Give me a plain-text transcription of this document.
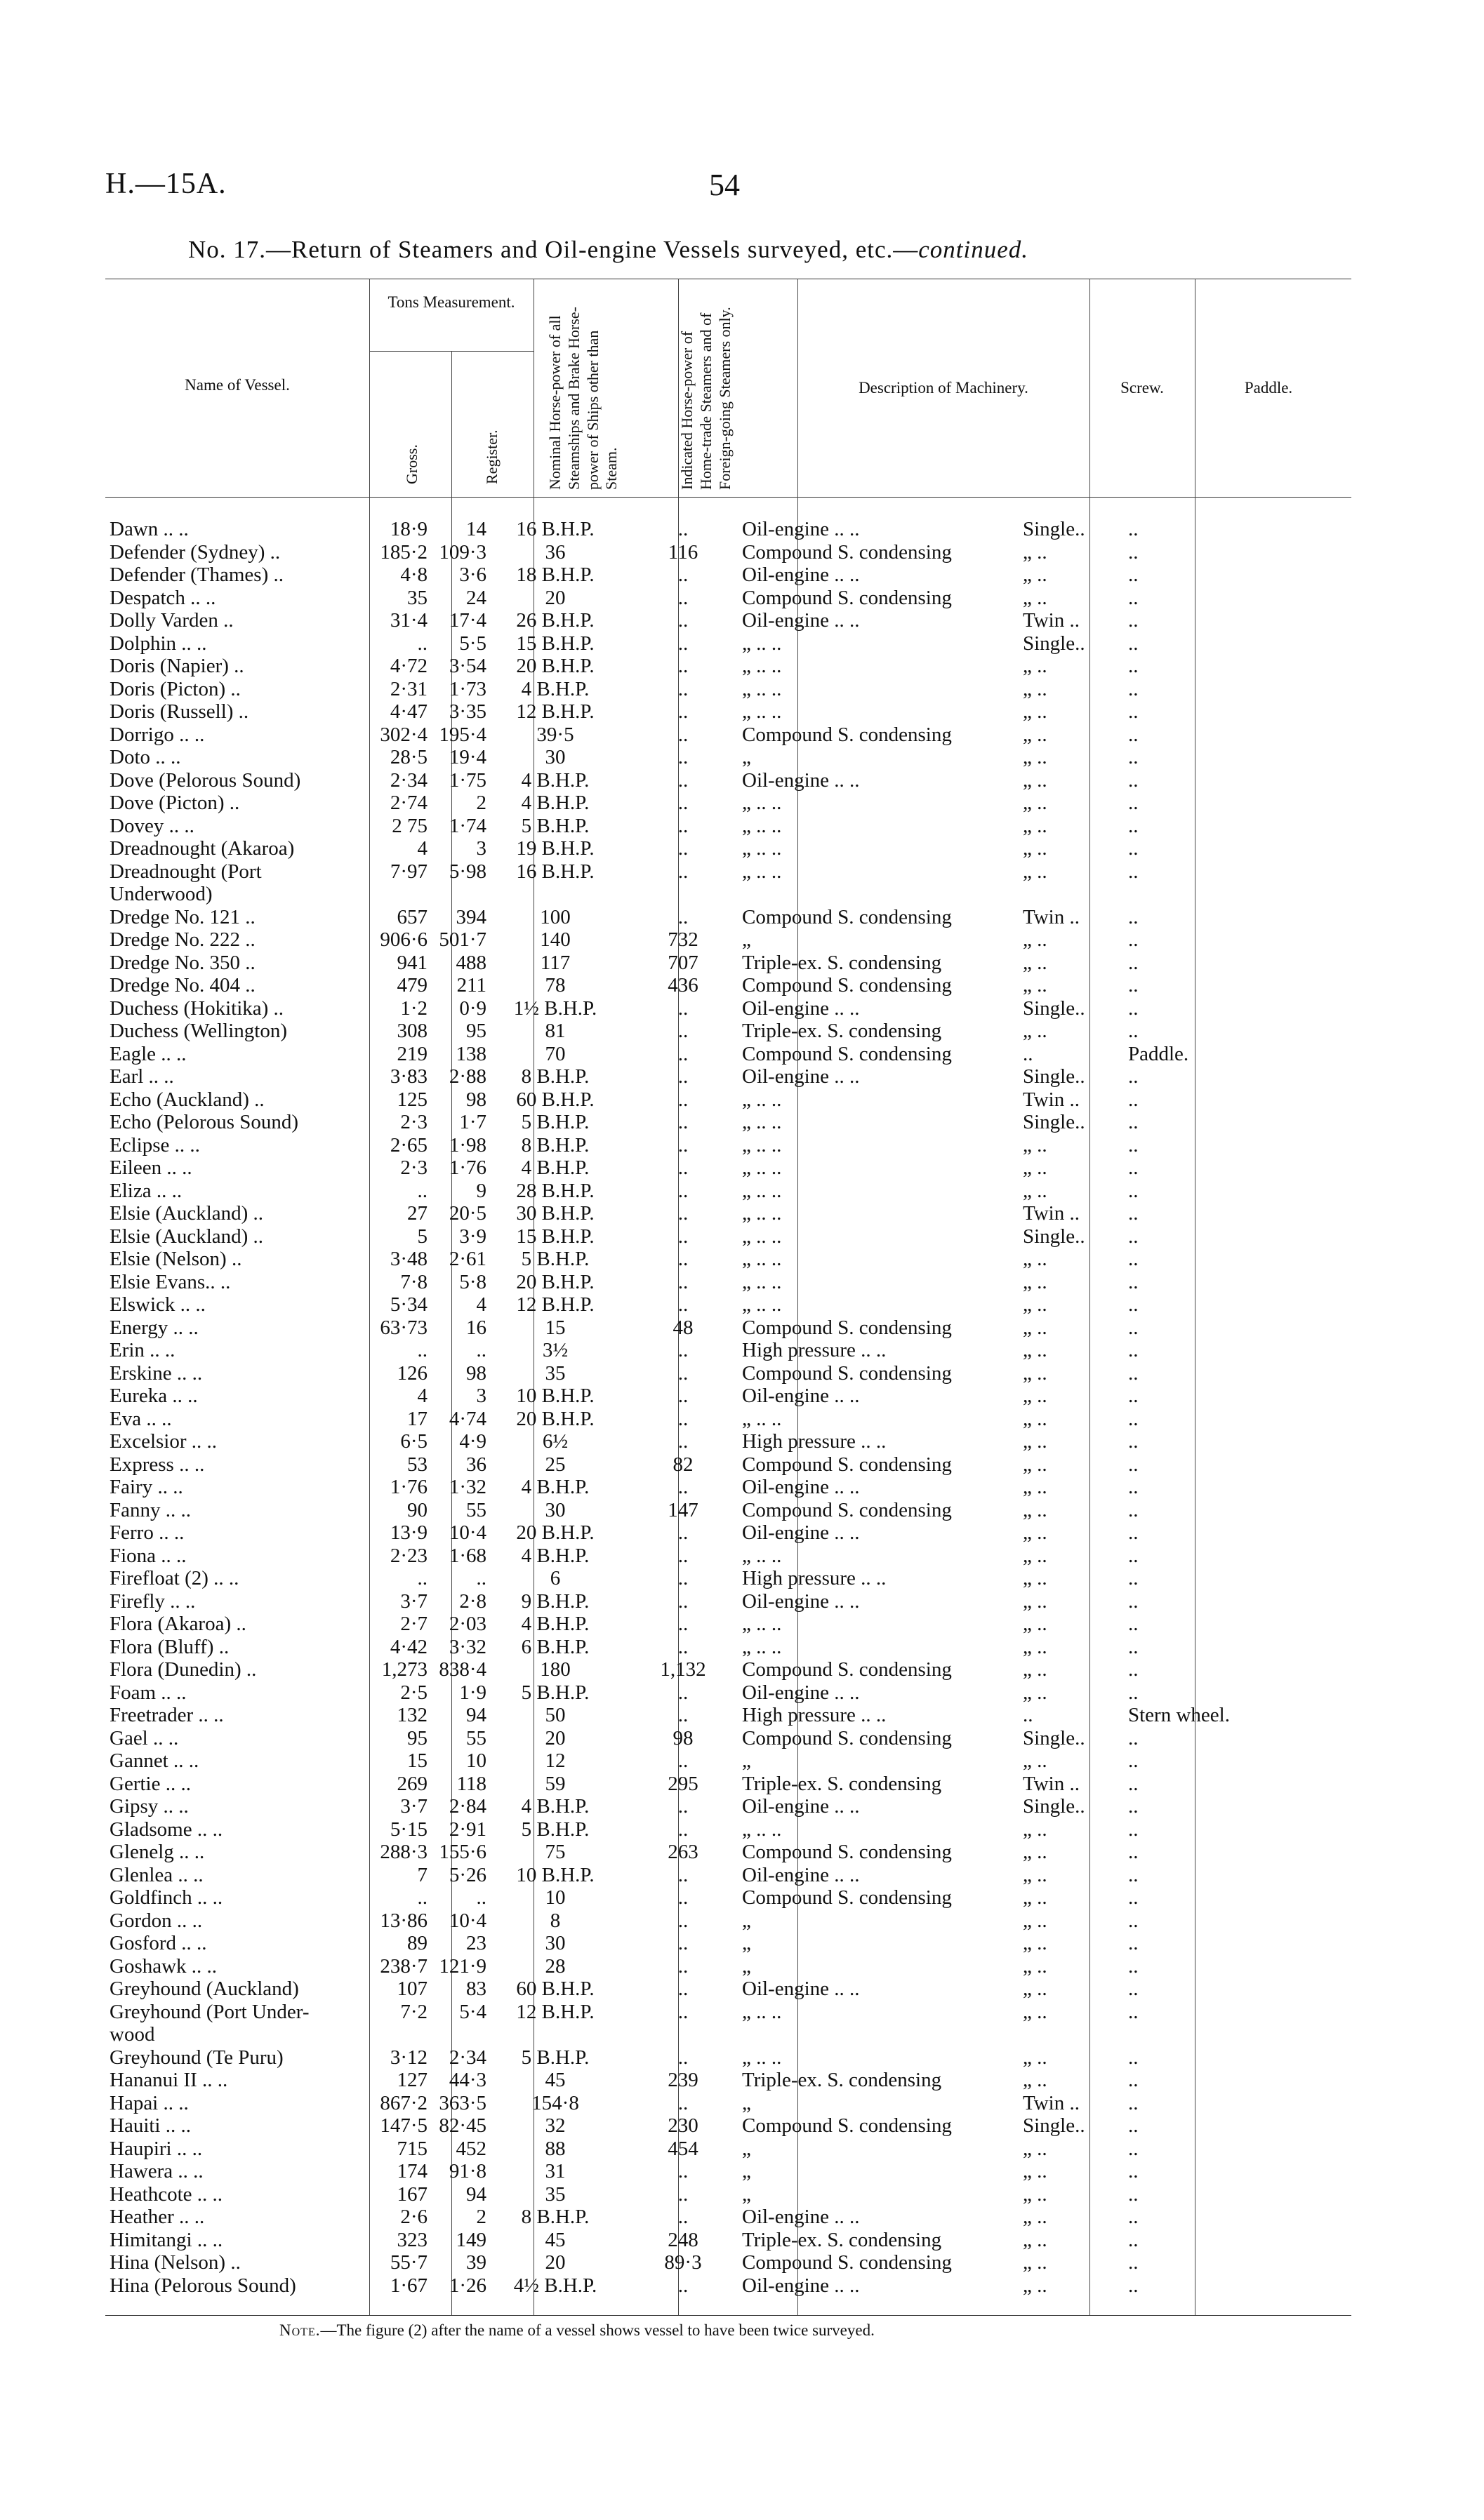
H.—15A.	54
No. 17.—Return of Steamers and Oil-engine Vessels surveyed, etc.—continued.
Name of Vessel.
Tons Measurement.
Gross.	Register.	Nominal Horse-power of all Steamships and Brake Horse-power of Ships other than Steam.	Indicated Horse-power of Home-trade Steamers and of Foreign-going Steamers only.	Description of Machinery.	Screw.	Paddle.
Dawn .. ..	18·9	14	16 B.H.P.	..	Oil-engine .. ..	Single..	..
Defender (Sydney) ..	185·2	109·3	36	116	Compound S. condensing	„ ..	..
Defender (Thames) ..	4·8	3·6	18 B.H.P.	..	Oil-engine .. ..	„ ..	..
Despatch .. ..	35	24	20	..	Compound S. condensing	„ ..	..
Dolly Varden ..	31·4	17·4	26 B.H.P.	..	Oil-engine .. ..	Twin ..	..
Dolphin .. ..	..	5·5	15 B.H.P.	..	„ .. ..	Single..	..
Doris (Napier) ..	4·72	3·54	20 B.H.P.	..	„ .. ..	„ ..	..
Doris (Picton) ..	2·31	1·73	4 B.H.P.	..	„ .. ..	„ ..	..
Doris (Russell) ..	4·47	3·35	12 B.H.P.	..	„ .. ..	„ ..	..
Dorrigo .. ..	302·4	195·4	39·5	..	Compound S. condensing	„ ..	..
Doto .. ..	28·5	19·4	30	..	„	„ ..	..
Dove (Pelorous Sound)	2·34	1·75	4 B.H.P.	..	Oil-engine .. ..	„ ..	..
Dove (Picton) ..	2·74	2	4 B.H.P.	..	„ .. ..	„ ..	..
Dovey .. ..	2 75	1·74	5 B.H.P.	..	„ .. ..	„ ..	..
Dreadnought (Akaroa)	4	3	19 B.H.P.	..	„ .. ..	„ ..	..
Dreadnought (Port	7·97	5·98	16 B.H.P.	..	„ .. ..	„ ..	..
Underwood)							
Dredge No. 121 ..	657	394	100	..	Compound S. condensing	Twin ..	..
Dredge No. 222 ..	906·6	501·7	140	732	„	„ ..	..
Dredge No. 350 ..	941	488	117	707	Triple-ex. S. condensing	„ ..	..
Dredge No. 404 ..	479	211	78	436	Compound S. condensing	„ ..	..
Duchess (Hokitika) ..	1·2	0·9	1½ B.H.P.	..	Oil-engine .. ..	Single..	..
Duchess (Wellington)	308	95	81	..	Triple-ex. S. condensing	„ ..	..
Eagle .. ..	219	138	70	..	Compound S. condensing	..	Paddle.
Earl .. ..	3·83	2·88	8 B.H.P.	..	Oil-engine .. ..	Single..	..
Echo (Auckland) ..	125	98	60 B.H.P.	..	„ .. ..	Twin ..	..
Echo (Pelorous Sound)	2·3	1·7	5 B.H.P.	..	„ .. ..	Single..	..
Eclipse .. ..	2·65	1·98	8 B.H.P.	..	„ .. ..	„ ..	..
Eileen .. ..	2·3	1·76	4 B.H.P.	..	„ .. ..	„ ..	..
Eliza .. ..	..	9	28 B.H.P.	..	„ .. ..	„ ..	..
Elsie (Auckland) ..	27	20·5	30 B.H.P.	..	„ .. ..	Twin ..	..
Elsie (Auckland) ..	5	3·9	15 B.H.P.	..	„ .. ..	Single..	..
Elsie (Nelson) ..	3·48	2·61	5 B.H.P.	..	„ .. ..	„ ..	..
Elsie Evans.. ..	7·8	5·8	20 B.H.P.	..	„ .. ..	„ ..	..
Elswick .. ..	5·34	4	12 B.H.P.	..	„ .. ..	„ ..	..
Energy .. ..	63·73	16	15	48	Compound S. condensing	„ ..	..
Erin .. ..	..	..	3½	..	High pressure .. ..	„ ..	..
Erskine .. ..	126	98	35	..	Compound S. condensing	„ ..	..
Eureka .. ..	4	3	10 B.H.P.	..	Oil-engine .. ..	„ ..	..
Eva .. ..	17	4·74	20 B.H.P.	..	„ .. ..	„ ..	..
Excelsior .. ..	6·5	4·9	6½	..	High pressure .. ..	„ ..	..
Express .. ..	53	36	25	82	Compound S. condensing	„ ..	..
Fairy .. ..	1·76	1·32	4 B.H.P.	..	Oil-engine .. ..	„ ..	..
Fanny .. ..	90	55	30	147	Compound S. condensing	„ ..	..
Ferro .. ..	13·9	10·4	20 B.H.P.	..	Oil-engine .. ..	„ ..	..
Fiona .. ..	2·23	1·68	4 B.H.P.	..	„ .. ..	„ ..	..
Firefloat (2) .. ..	..	..	6	..	High pressure .. ..	„ ..	..
Firefly .. ..	3·7	2·8	9 B.H.P.	..	Oil-engine .. ..	„ ..	..
Flora (Akaroa) ..	2·7	2·03	4 B.H.P.	..	„ .. ..	„ ..	..
Flora (Bluff) ..	4·42	3·32	6 B.H.P.	..	„ .. ..	„ ..	..
Flora (Dunedin) ..	1,273	838·4	180	1,132	Compound S. condensing	„ ..	..
Foam .. ..	2·5	1·9	5 B.H.P.	..	Oil-engine .. ..	„ ..	..
Freetrader .. ..	132	94	50	..	High pressure .. ..	..	Stern wheel.
Gael .. ..	95	55	20	98	Compound S. condensing	Single..	..
Gannet .. ..	15	10	12	..	„	„ ..	..
Gertie .. ..	269	118	59	295	Triple-ex. S. condensing	Twin ..	..
Gipsy .. ..	3·7	2·84	4 B.H.P.	..	Oil-engine .. ..	Single..	..
Gladsome .. ..	5·15	2·91	5 B.H.P.	..	„ .. ..	„ ..	..
Glenelg .. ..	288·3	155·6	75	263	Compound S. condensing	„ ..	..
Glenlea .. ..	7	5·26	10 B.H.P.	..	Oil-engine .. ..	„ ..	..
Goldfinch .. ..	..	..	10	..	Compound S. condensing	„ ..	..
Gordon .. ..	13·86	10·4	8	..	„	„ ..	..
Gosford .. ..	89	23	30	..	„	„ ..	..
Goshawk .. ..	238·7	121·9	28	..	„	„ ..	..
Greyhound (Auckland)	107	83	60 B.H.P.	..	Oil-engine .. ..	„ ..	..
Greyhound (Port Under-	7·2	5·4	12 B.H.P.	..	„ .. ..	„ ..	..
wood							
Greyhound (Te Puru)	3·12	2·34	5 B.H.P.	..	„ .. ..	„ ..	..
Hananui II .. ..	127	44·3	45	239	Triple-ex. S. condensing	„ ..	..
Hapai .. ..	867·2	363·5	154·8	..	„	Twin ..	..
Hauiti .. ..	147·5	82·45	32	230	Compound S. condensing	Single..	..
Haupiri .. ..	715	452	88	454	„	„ ..	..
Hawera .. ..	174	91·8	31	..	„	„ ..	..
Heathcote .. ..	167	94	35	..	„	„ ..	..
Heather .. ..	2·6	2	8 B.H.P.	..	Oil-engine .. ..	„ ..	..
Himitangi .. ..	323	149	45	248	Triple-ex. S. condensing	„ ..	..
Hina (Nelson) ..	55·7	39	20	89·3	Compound S. condensing	„ ..	..
Hina (Pelorous Sound)	1·67	1·26	4½ B.H.P.	..	Oil-engine .. ..	„ ..	..
Note.—The figure (2) after the name of a vessel shows vessel to have been twice surveyed.
